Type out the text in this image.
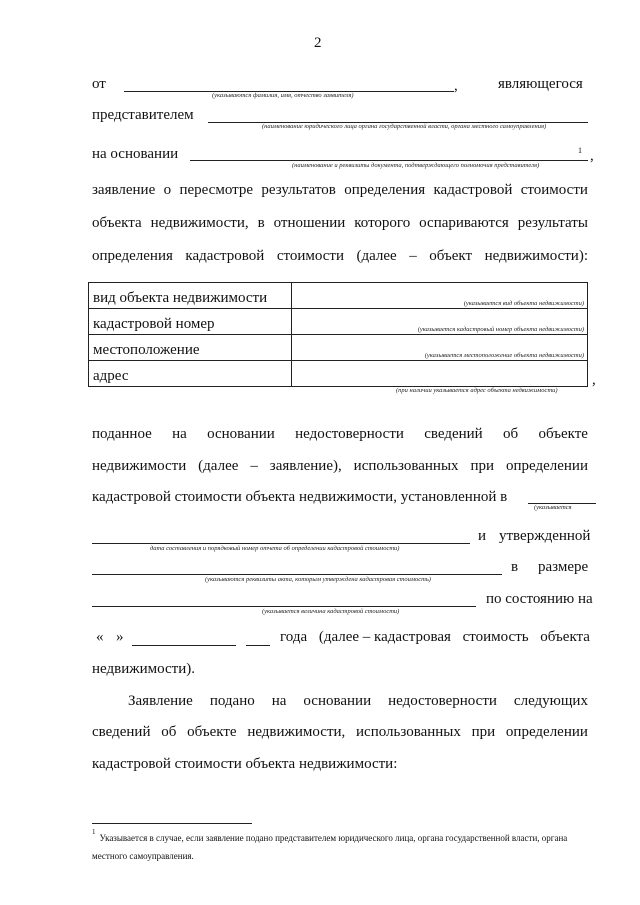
2
от	,	являющегося
(указываются фамилия, имя, отчество заявителя)
представителем
(наименование юридического лица органа государственной власти, органа местного самоуправления)
на основании	1 ,
(наименование и реквизиты документа, подтверждающего полномочия представителя)
заявление о пересмотре результатов определения кадастровой стоимости
объекта недвижимости, в отношении которого оспариваются результаты
определения кадастровой стоимости (далее – объект недвижимости):
вид объекта недвижимости	(указывается вид объекта недвижимости)

кадастровой номер	(указывается кадастровый номер объекта недвижимости)

местоположение	(указывается местоположение объекта недвижимости)

адрес		,
(при наличии указывается адрес объекта недвижимости)
поданное на основании недостоверности сведений об объекте
недвижимости (далее – заявление), использованных при определении
кадастровой стоимости объекта недвижимости, установленной в
(указывается
и утвержденной
дата составления и порядковый номер отчета об определении кадастровой стоимости)
в размере
(указываются реквизиты акта, которым утверждена кадастровая стоимость)
по состоянию на
(указывается величина кадастровой стоимости)
« »	года (далее – кадастровая стоимость объекта
недвижимости).
Заявление подано на основании недостоверности следующих
сведений об объекте недвижимости, использованных при определении
кадастровой стоимости объекта недвижимости:
$^1$ Указывается в случае, если заявление подано представителем юридического лица, органа государственной власти, органа местного самоуправления.
